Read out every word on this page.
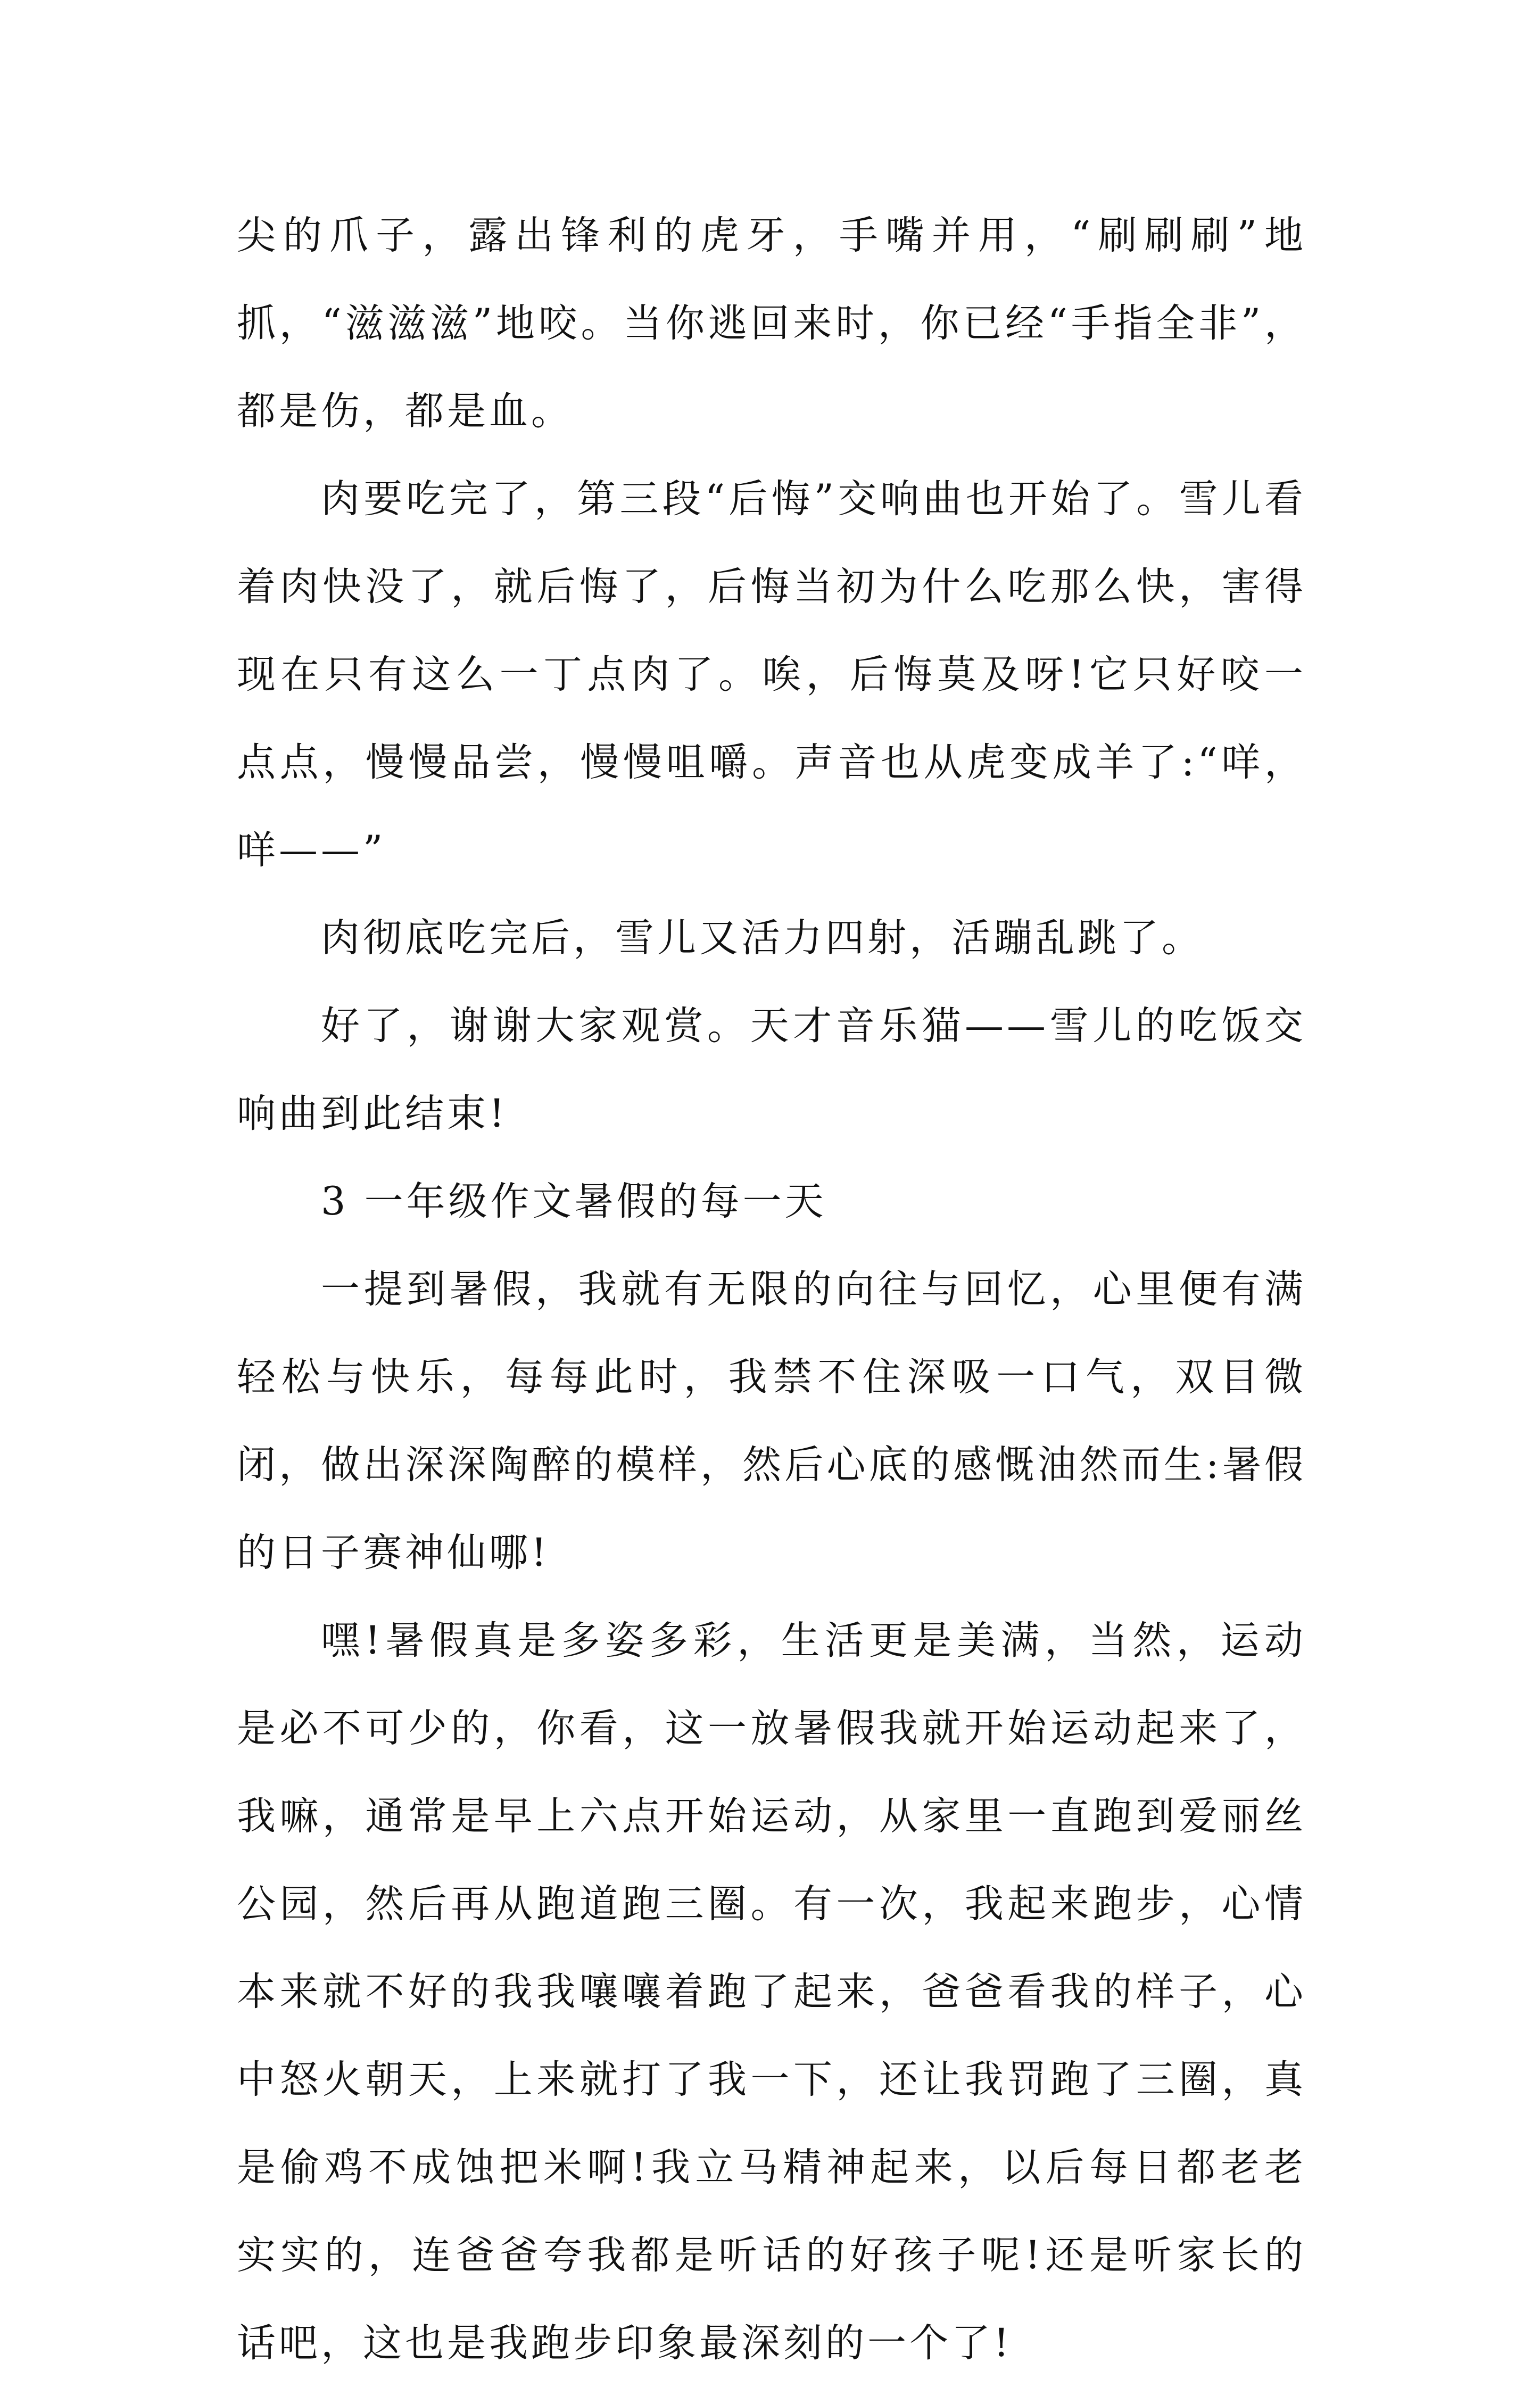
尖的爪子，露出锋利的虎牙，手嘴并用，“刷刷刷”地抓，“滋滋滋”地咬。当你逃回来时，你已经“手指全非”，都是伤，都是血。

肉要吃完了，第三段“后悔”交响曲也开始了。雪儿看着肉快没了，就后悔了，后悔当初为什么吃那么快，害得现在只有这么一丁点肉了。唉，后悔莫及呀!它只好咬一点点，慢慢品尝，慢慢咀嚼。声音也从虎变成羊了:“咩，咩——”

肉彻底吃完后，雪儿又活力四射，活蹦乱跳了。

好了，谢谢大家观赏。天才音乐猫——雪儿的吃饭交响曲到此结束!

3 一年级作文暑假的每一天

一提到暑假，我就有无限的向往与回忆，心里便有满轻松与快乐，每每此时，我禁不住深吸一口气，双目微闭，做出深深陶醉的模样，然后心底的感慨油然而生:暑假的日子赛神仙哪!

嘿!暑假真是多姿多彩，生活更是美满，当然，运动是必不可少的，你看，这一放暑假我就开始运动起来了，我嘛，通常是早上六点开始运动，从家里一直跑到爱丽丝公园，然后再从跑道跑三圈。有一次，我起来跑步，心情本来就不好的我我嚷嚷着跑了起来，爸爸看我的样子，心中怒火朝天，上来就打了我一下，还让我罚跑了三圈，真是偷鸡不成蚀把米啊!我立马精神起来，以后每日都老老实实的，连爸爸夸我都是听话的好孩子呢!还是听家长的话吧，这也是我跑步印象最深刻的一个了!
